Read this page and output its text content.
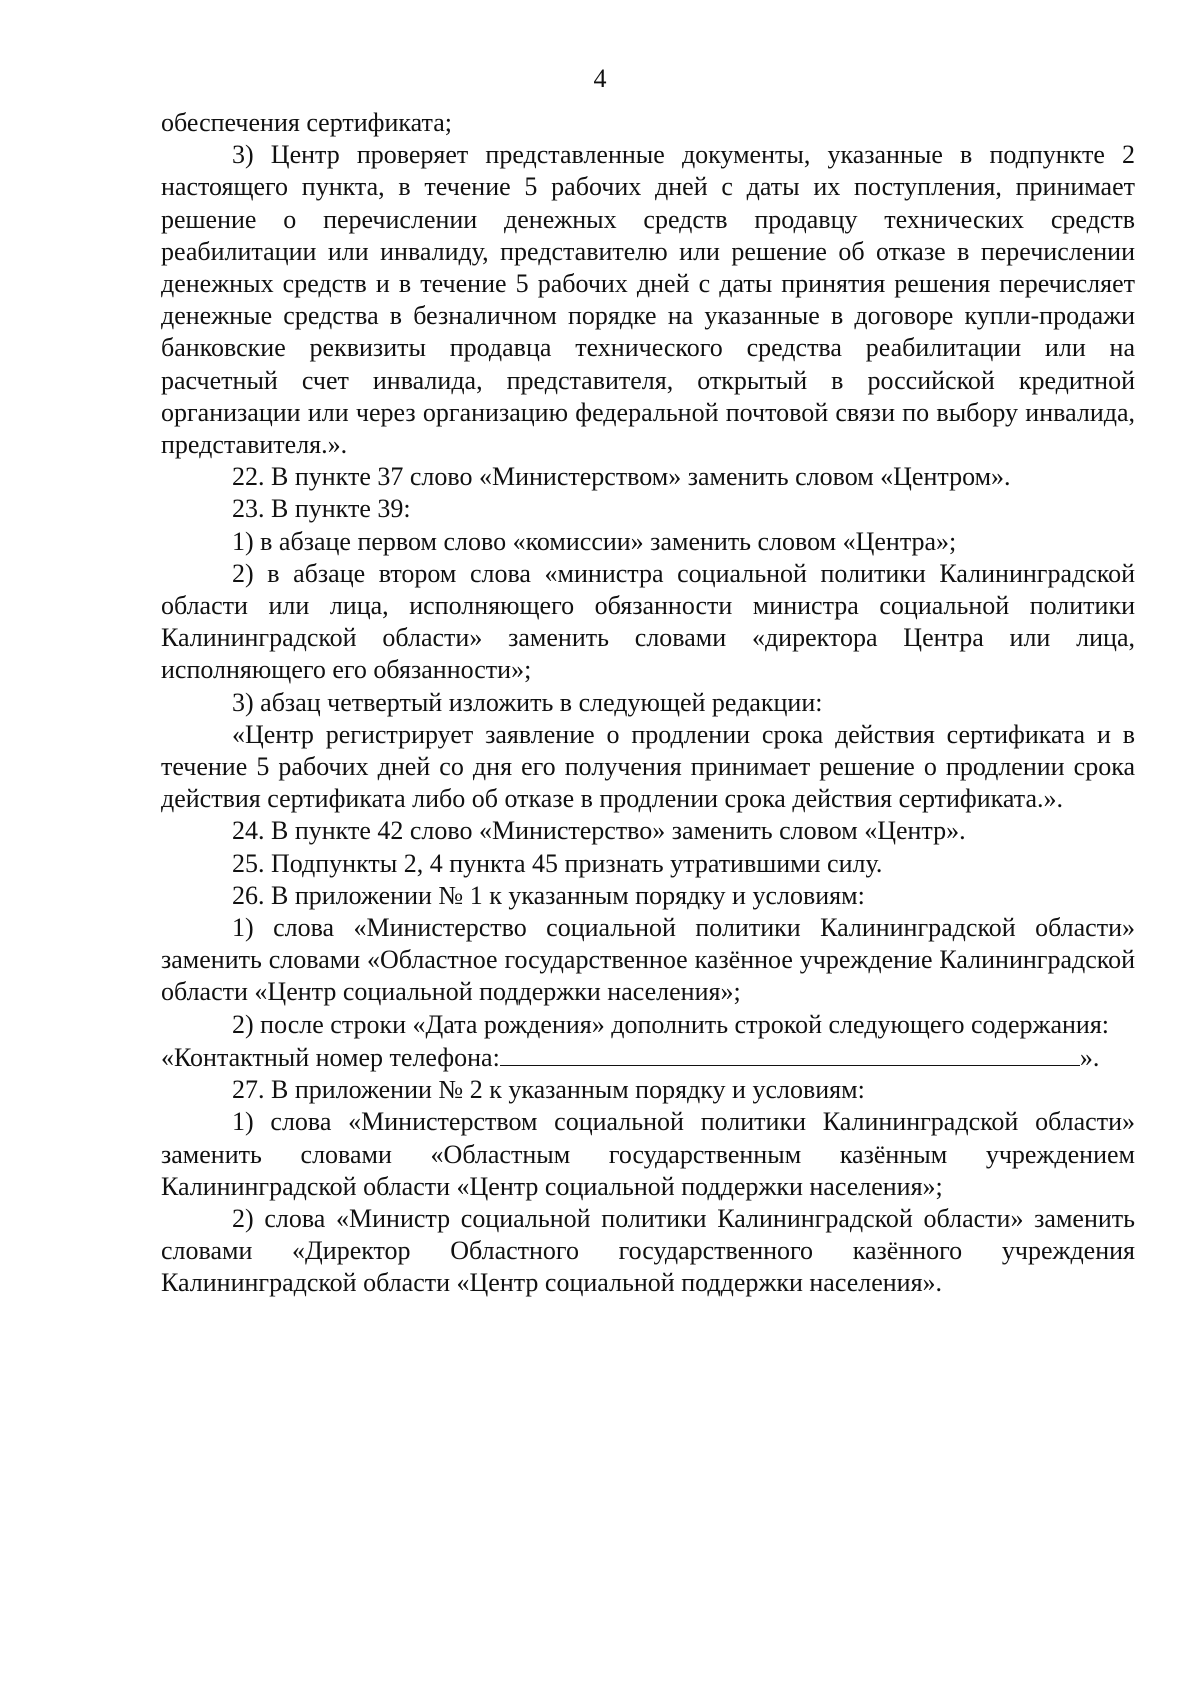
4

обеспечения сертификата;

3) Центр проверяет представленные документы, указанные в подпункте 2 настоящего пункта, в течение 5 рабочих дней с даты их поступления, принимает решение о перечислении денежных средств продавцу технических средств реабилитации или инвалиду, представителю или решение об отказе в перечислении денежных средств и в течение 5 рабочих дней с даты принятия решения перечисляет денежные средства в безналичном порядке на указанные в договоре купли-продажи банковские реквизиты продавца технического средства реабилитации или на расчетный счет инвалида, представителя, открытый в российской кредитной организации или через организацию федеральной почтовой связи по выбору инвалида, представителя.».

22. В пункте 37 слово «Министерством» заменить словом «Центром».

23. В пункте 39:

1) в абзаце первом слово «комиссии» заменить словом «Центра»;

2) в абзаце втором слова «министра социальной политики Калининградской области или лица, исполняющего обязанности министра социальной политики Калининградской области» заменить словами «директора Центра или лица, исполняющего его обязанности»;

3) абзац четвертый изложить в следующей редакции:

«Центр регистрирует заявление о продлении срока действия сертификата и в течение 5 рабочих дней со дня его получения принимает решение о продлении срока действия сертификата либо об отказе в продлении срока действия сертификата.».

24. В пункте 42 слово «Министерство» заменить словом «Центр».

25. Подпункты 2, 4 пункта 45 признать утратившими силу.

26. В приложении № 1 к указанным порядку и условиям:

1) слова «Министерство социальной политики Калининградской области» заменить словами «Областное государственное казённое учреждение Калининградской области «Центр социальной поддержки населения»;

2) после строки «Дата рождения» дополнить строкой следующего содержания:

«Контактный номер телефона:	».

27. В приложении № 2 к указанным порядку и условиям:

1) слова «Министерством социальной политики Калининградской области» заменить словами «Областным государственным казённым учреждением Калининградской области «Центр социальной поддержки населения»;

2) слова «Министр социальной политики Калининградской области» заменить словами «Директор Областного государственного казённого учреждения Калининградской области «Центр социальной поддержки населения».
